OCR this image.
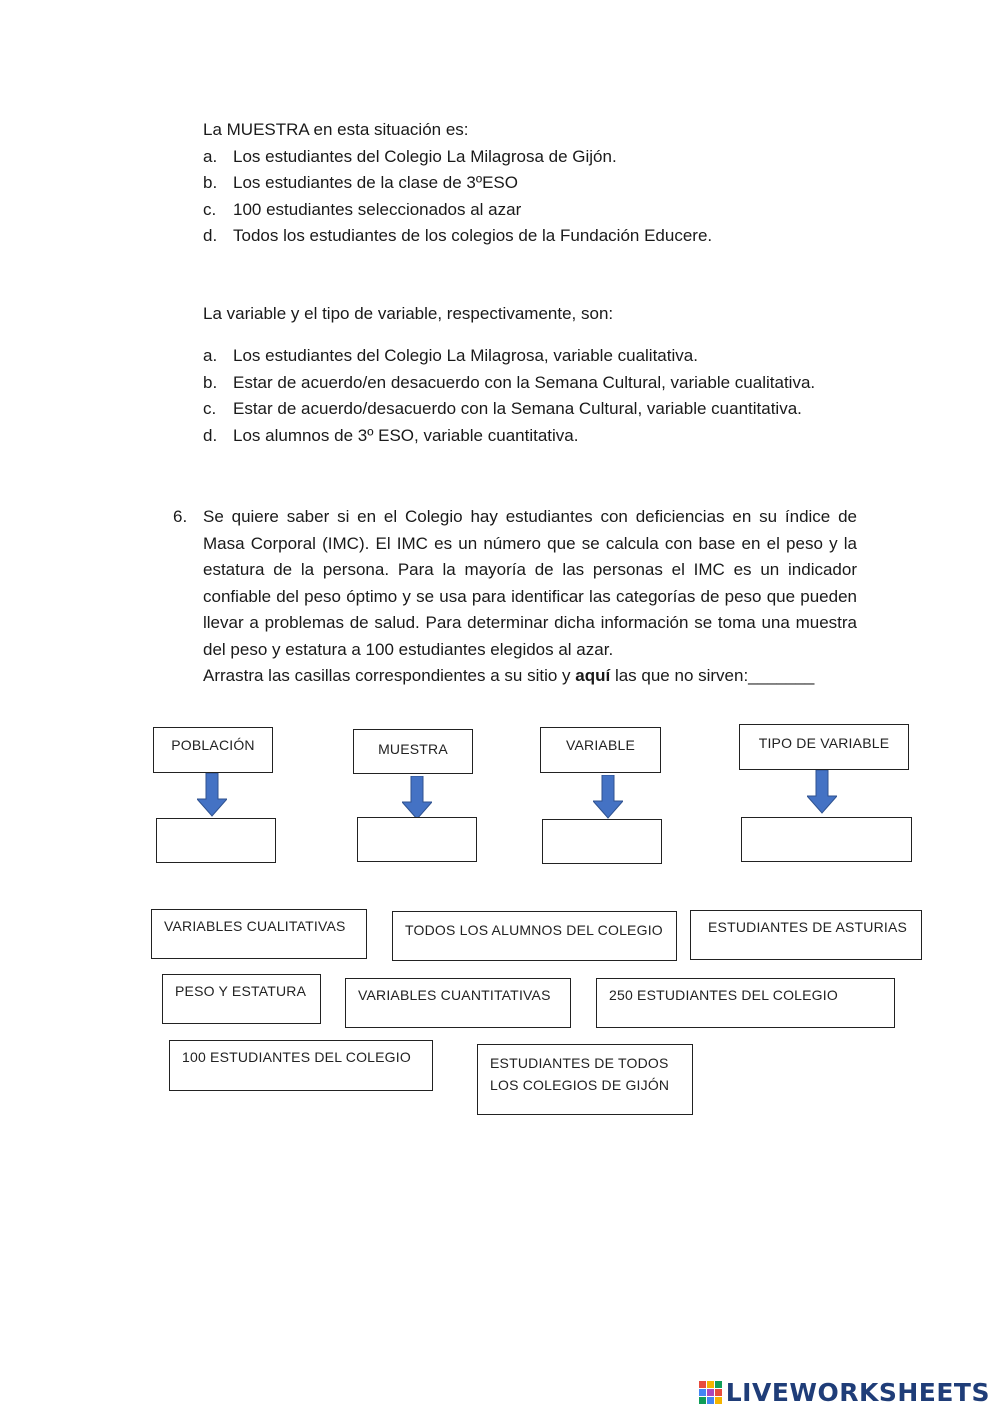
La MUESTRA en esta situación es:

a. Los estudiantes del Colegio La Milagrosa de Gijón.
b. Los estudiantes de la clase de 3ºESO
c. 100 estudiantes seleccionados al azar
d. Todos los estudiantes de los colegios de la Fundación Educere.

La variable y el tipo de variable, respectivamente, son:

a. Los estudiantes del Colegio La Milagrosa, variable cualitativa.
b. Estar de acuerdo/en desacuerdo con la Semana Cultural, variable cualitativa.
c. Estar de acuerdo/desacuerdo con la Semana Cultural, variable cuantitativa.
d. Los alumnos de 3º ESO, variable cuantitativa.
6. Se quiere saber si en el Colegio hay estudiantes con deficiencias en su índice de Masa Corporal (IMC). El IMC es un número que se calcula con base en el peso y la estatura de la persona. Para la mayoría de las personas el IMC es un indicador confiable del peso óptimo y se usa para identificar las categorías de peso que pueden llevar a problemas de salud. Para determinar dicha información se toma una muestra del peso y estatura a 100 estudiantes elegidos al azar.

Arrastra las casillas correspondientes a su sitio y aquí las que no sirven:_______

POBLACIÓN	MUESTRA	VARIABLE	TIPO DE VARIABLE
VARIABLES CUALITATIVAS	TODOS LOS ALUMNOS DEL COLEGIO	ESTUDIANTES DE ASTURIAS
PESO Y ESTATURA	VARIABLES CUANTITATIVAS	250 ESTUDIANTES DEL COLEGIO
100 ESTUDIANTES DEL COLEGIO	ESTUDIANTES DE TODOS
LOS COLEGIOS DE GIJÓN
LIVEWORKSHEETS
